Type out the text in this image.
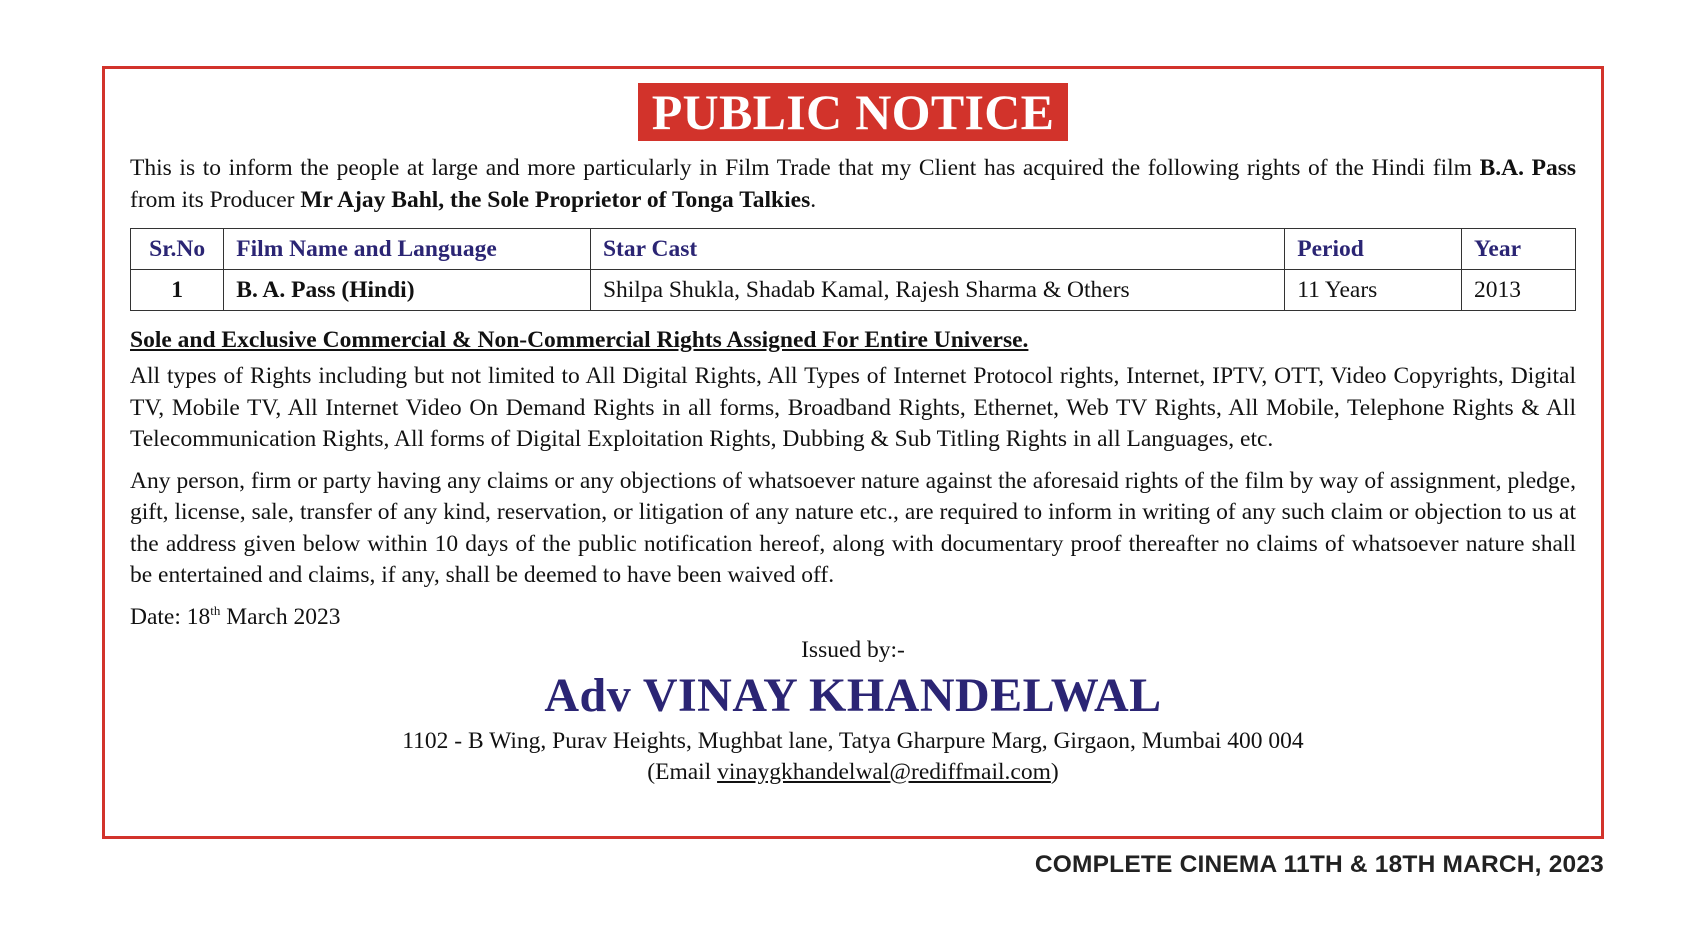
PUBLIC NOTICE

This is to inform the people at large and more particularly in Film Trade that my Client has acquired the following rights of the Hindi film B.A. Pass from its Producer Mr Ajay Bahl, the Sole Proprietor of Tonga Talkies.

Sr.No	Film Name and Language	Star Cast	Period	Year
1	B. A. Pass (Hindi)	Shilpa Shukla, Shadab Kamal, Rajesh Sharma & Others	11 Years	2013
Sole and Exclusive Commercial & Non-Commercial Rights Assigned For Entire Universe.

All types of Rights including but not limited to All Digital Rights, All Types of Internet Protocol rights, Internet, IPTV, OTT, Video Copyrights, Digital TV, Mobile TV, All Internet Video On Demand Rights in all forms, Broadband Rights, Ethernet, Web TV Rights, All Mobile, Telephone Rights & All Telecommunication Rights, All forms of Digital Exploitation Rights, Dubbing & Sub Titling Rights in all Languages, etc.

Any person, firm or party having any claims or any objections of whatsoever nature against the aforesaid rights of the film by way of assignment, pledge, gift, license, sale, transfer of any kind, reservation, or litigation of any nature etc., are required to inform in writing of any such claim or objection to us at the address given below within 10 days of the public notification hereof, along with documentary proof thereafter no claims of whatsoever nature shall be entertained and claims, if any, shall be deemed to have been waived off.

Date: 18th March 2023
Issued by:-
Adv VINAY KHANDELWAL
1102 - B Wing, Purav Heights, Mughbat lane, Tatya Gharpure Marg, Girgaon, Mumbai 400 004
(Email vinaygkhandelwal@rediffmail.com)
COMPLETE CINEMA 11TH & 18TH MARCH, 2023
